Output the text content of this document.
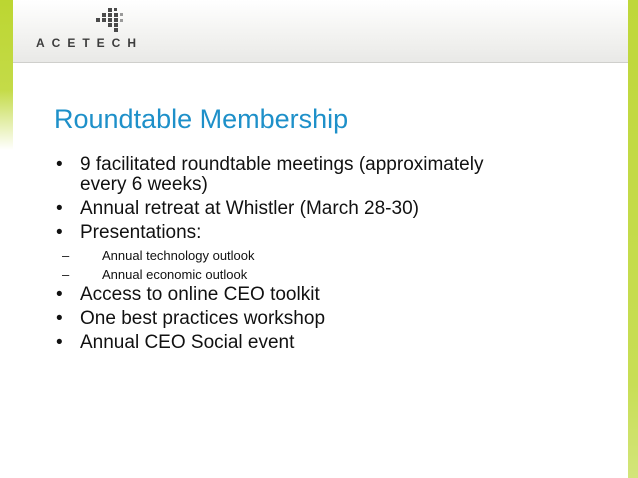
ACETECH
Roundtable Membership
• 9 facilitated roundtable meetings (approximately
every 6 weeks)
• Annual retreat at Whistler (March 28-30)
• Presentations:
–	Annual technology outlook
–	Annual economic outlook
• Access to online CEO toolkit
• One best practices workshop
• Annual CEO Social event
